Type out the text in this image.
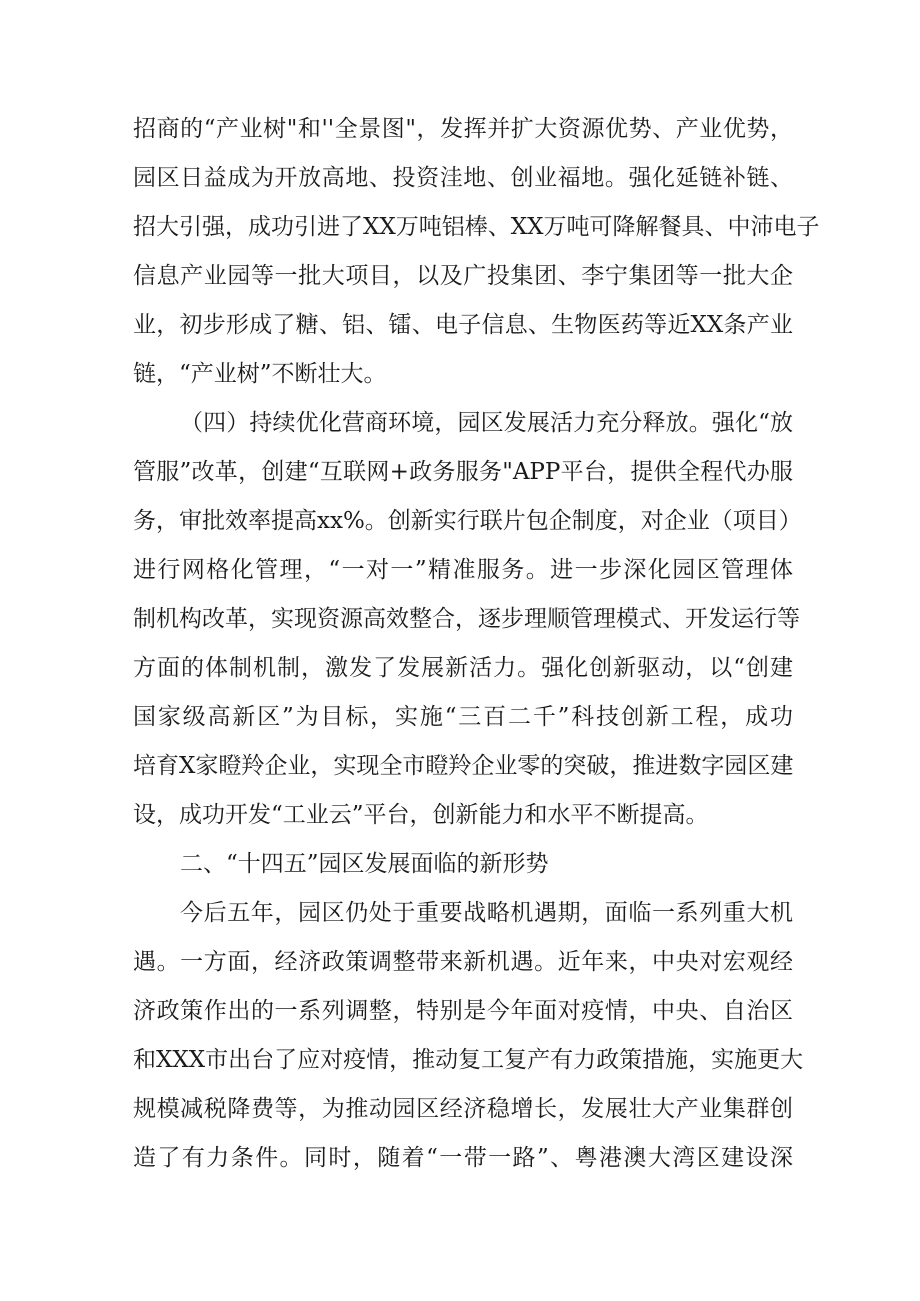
招商的“产业树"和''全景图"，发挥并扩大资源优势、产业优势，
园区日益成为开放高地、投资洼地、创业福地。强化延链补链、
招大引强，成功引进了XX万吨铝棒、XX万吨可降解餐具、中沛电子
信息产业园等一批大项目，以及广投集团、李宁集团等一批大企
业，初步形成了糖、铝、镭、电子信息、生物医药等近XX条产业
链，“产业树”不断壮大。
（四）持续优化营商环境，园区发展活力充分释放。强化“放
管服”改革，创建“互联网+政务服务"APP平台，提供全程代办服
务，审批效率提高xx%。创新实行联片包企制度，对企业（项目）
进行网格化管理，“一对一”精准服务。进一步深化园区管理体
制机构改革，实现资源高效整合，逐步理顺管理模式、开发运行等
方面的体制机制，激发了发展新活力。强化创新驱动，以“创建
国家级高新区”为目标，实施“三百二千”科技创新工程，成功
培育X家瞪羚企业，实现全市瞪羚企业零的突破，推进数字园区建
设，成功开发“工业云”平台，创新能力和水平不断提高。
二、“十四五”园区发展面临的新形势
今后五年，园区仍处于重要战略机遇期，面临一系列重大机
遇。一方面，经济政策调整带来新机遇。近年来，中央对宏观经
济政策作出的一系列调整，特别是今年面对疫情，中央、自治区
和XXX市出台了应对疫情，推动复工复产有力政策措施，实施更大
规模减税降费等，为推动园区经济稳增长，发展壮大产业集群创
造了有力条件。同时，随着“一带一路”、粤港澳大湾区建设深
